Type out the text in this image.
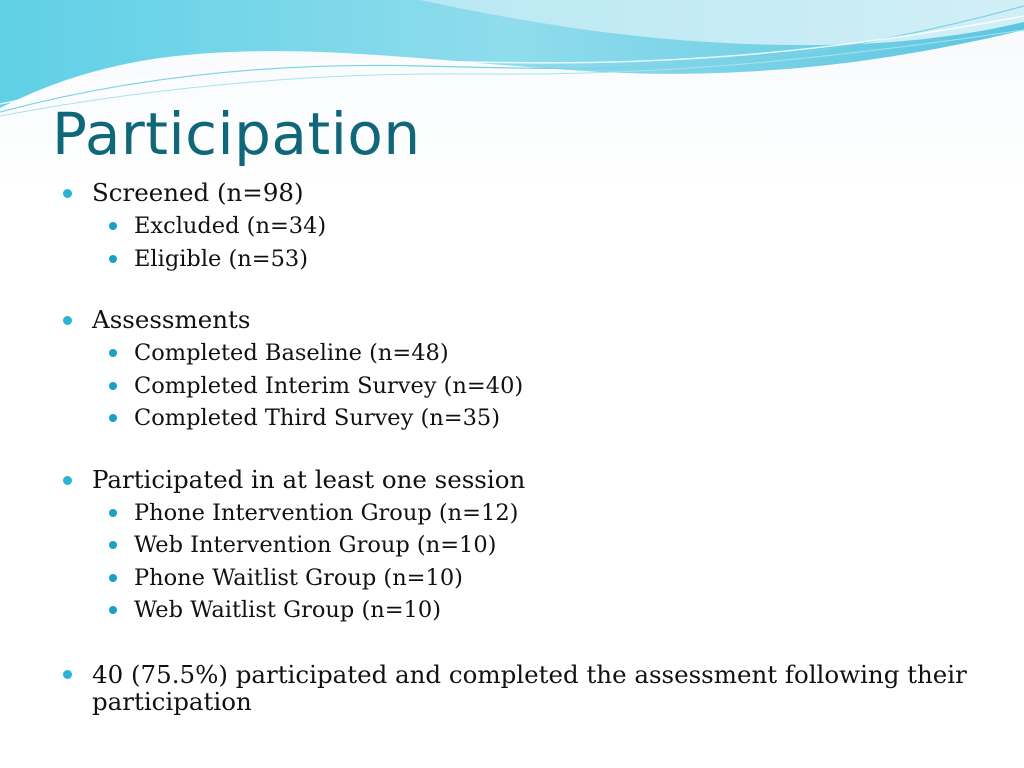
Participation
Screened (n=98)
Excluded (n=34)
Eligible (n=53)
Assessments
Completed Baseline (n=48)
Completed Interim Survey (n=40)
Completed Third Survey (n=35)
Participated in at least one session
Phone Intervention Group (n=12)
Web Intervention Group (n=10)
Phone Waitlist Group (n=10)
Web Waitlist Group (n=10)
40 (75.5%) participated and completed the assessment following their participation
